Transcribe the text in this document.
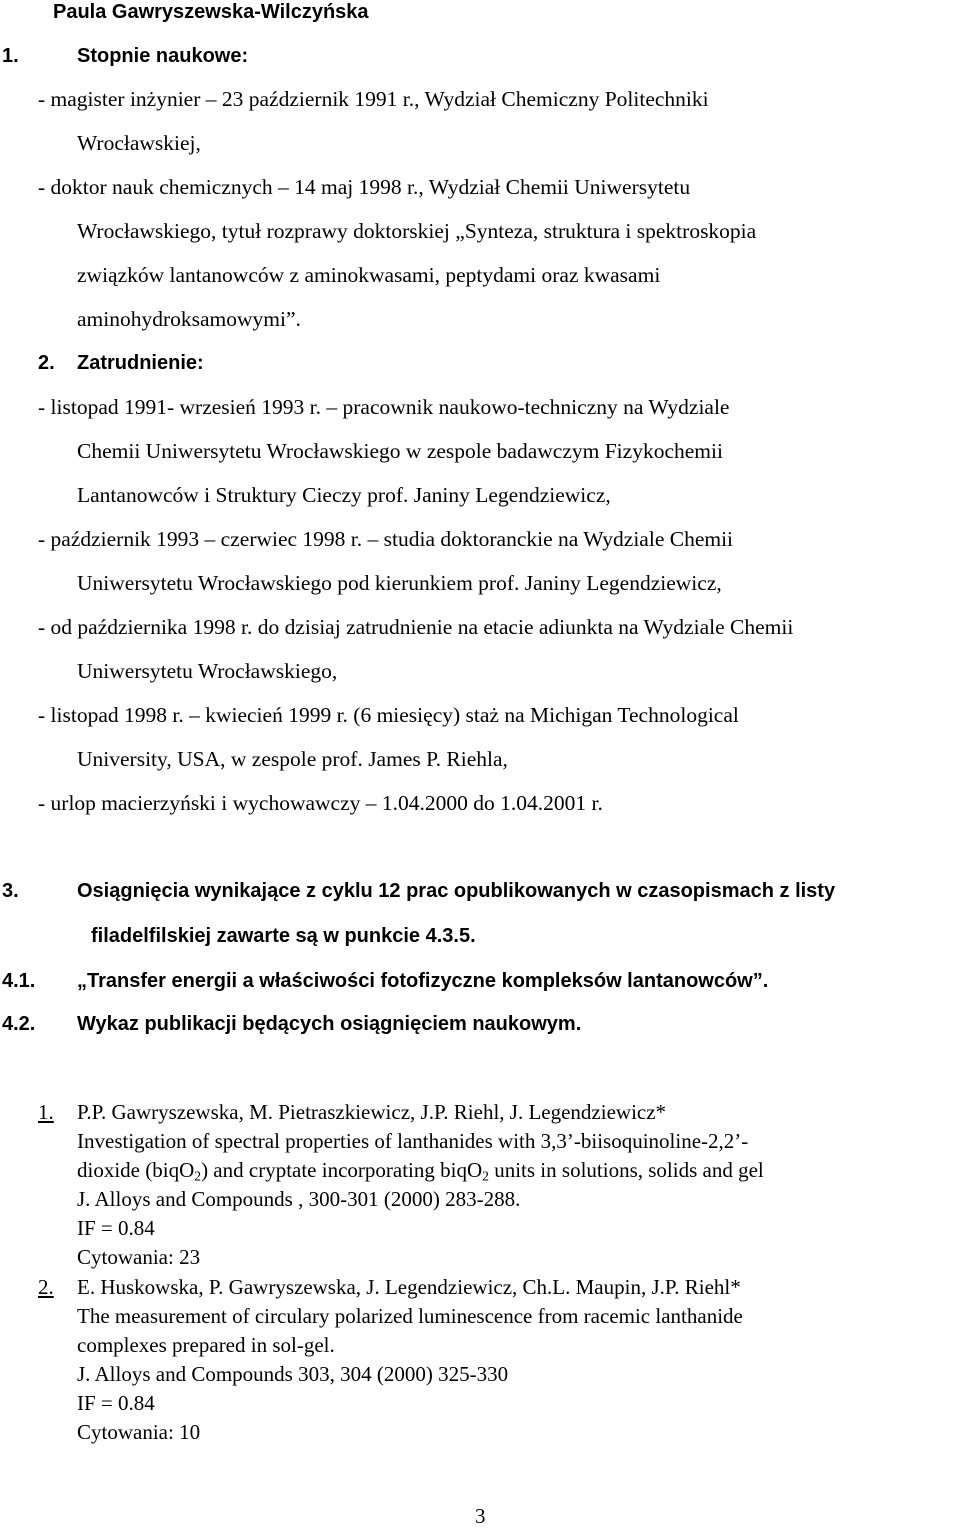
Paula Gawryszewska-Wilczyńska
1.	Stopnie naukowe:
- magister inżynier – 23 październik 1991 r., Wydział Chemiczny Politechniki
Wrocławskiej,
- doktor nauk chemicznych – 14 maj 1998 r., Wydział Chemii Uniwersytetu
Wrocławskiego, tytuł rozprawy doktorskiej „Synteza, struktura i spektroskopia
związków lantanowców z aminokwasami, peptydami oraz kwasami
aminohydroksamowymi”.
2. Zatrudnienie:
- listopad 1991- wrzesień 1993 r. – pracownik naukowo-techniczny na Wydziale
Chemii Uniwersytetu Wrocławskiego w zespole badawczym Fizykochemii
Lantanowców i Struktury Cieczy prof. Janiny Legendziewicz,
- październik 1993 – czerwiec 1998 r. – studia doktoranckie na Wydziale Chemii
Uniwersytetu Wrocławskiego pod kierunkiem prof. Janiny Legendziewicz,
- od października 1998 r. do dzisiaj zatrudnienie na etacie adiunkta na Wydziale Chemii
Uniwersytetu Wrocławskiego,
- listopad 1998 r. – kwiecień 1999 r. (6 miesięcy) staż na Michigan Technological
University, USA, w zespole prof. James P. Riehla,
- urlop macierzyński i wychowawczy – 1.04.2000 do 1.04.2001 r.
3.	Osiągnięcia wynikające z cyklu 12 prac opublikowanych w czasopismach z listy
filadelfilskiej zawarte są w punkcie 4.3.5.
4.1. „Transfer energii a właściwości fotofizyczne kompleksów lantanowców”.
4.2. Wykaz publikacji będących osiągnięciem naukowym.
1. P.P. Gawryszewska, M. Pietraszkiewicz, J.P. Riehl, J. Legendziewicz*
Investigation of spectral properties of lanthanides with 3,3’-biisoquinoline-2,2’-
dioxide (biqO$_2$) and cryptate incorporating biqO$_2$ units in solutions, solids and gel
J. Alloys and Compounds , 300-301 (2000) 283-288.
IF = 0.84
Cytowania: 23
2. E. Huskowska, P. Gawryszewska, J. Legendziewicz, Ch.L. Maupin, J.P. Riehl*
The measurement of circulary polarized luminescence from racemic lanthanide
complexes prepared in sol-gel.
J. Alloys and Compounds 303, 304 (2000) 325-330
IF = 0.84
Cytowania: 10
3
